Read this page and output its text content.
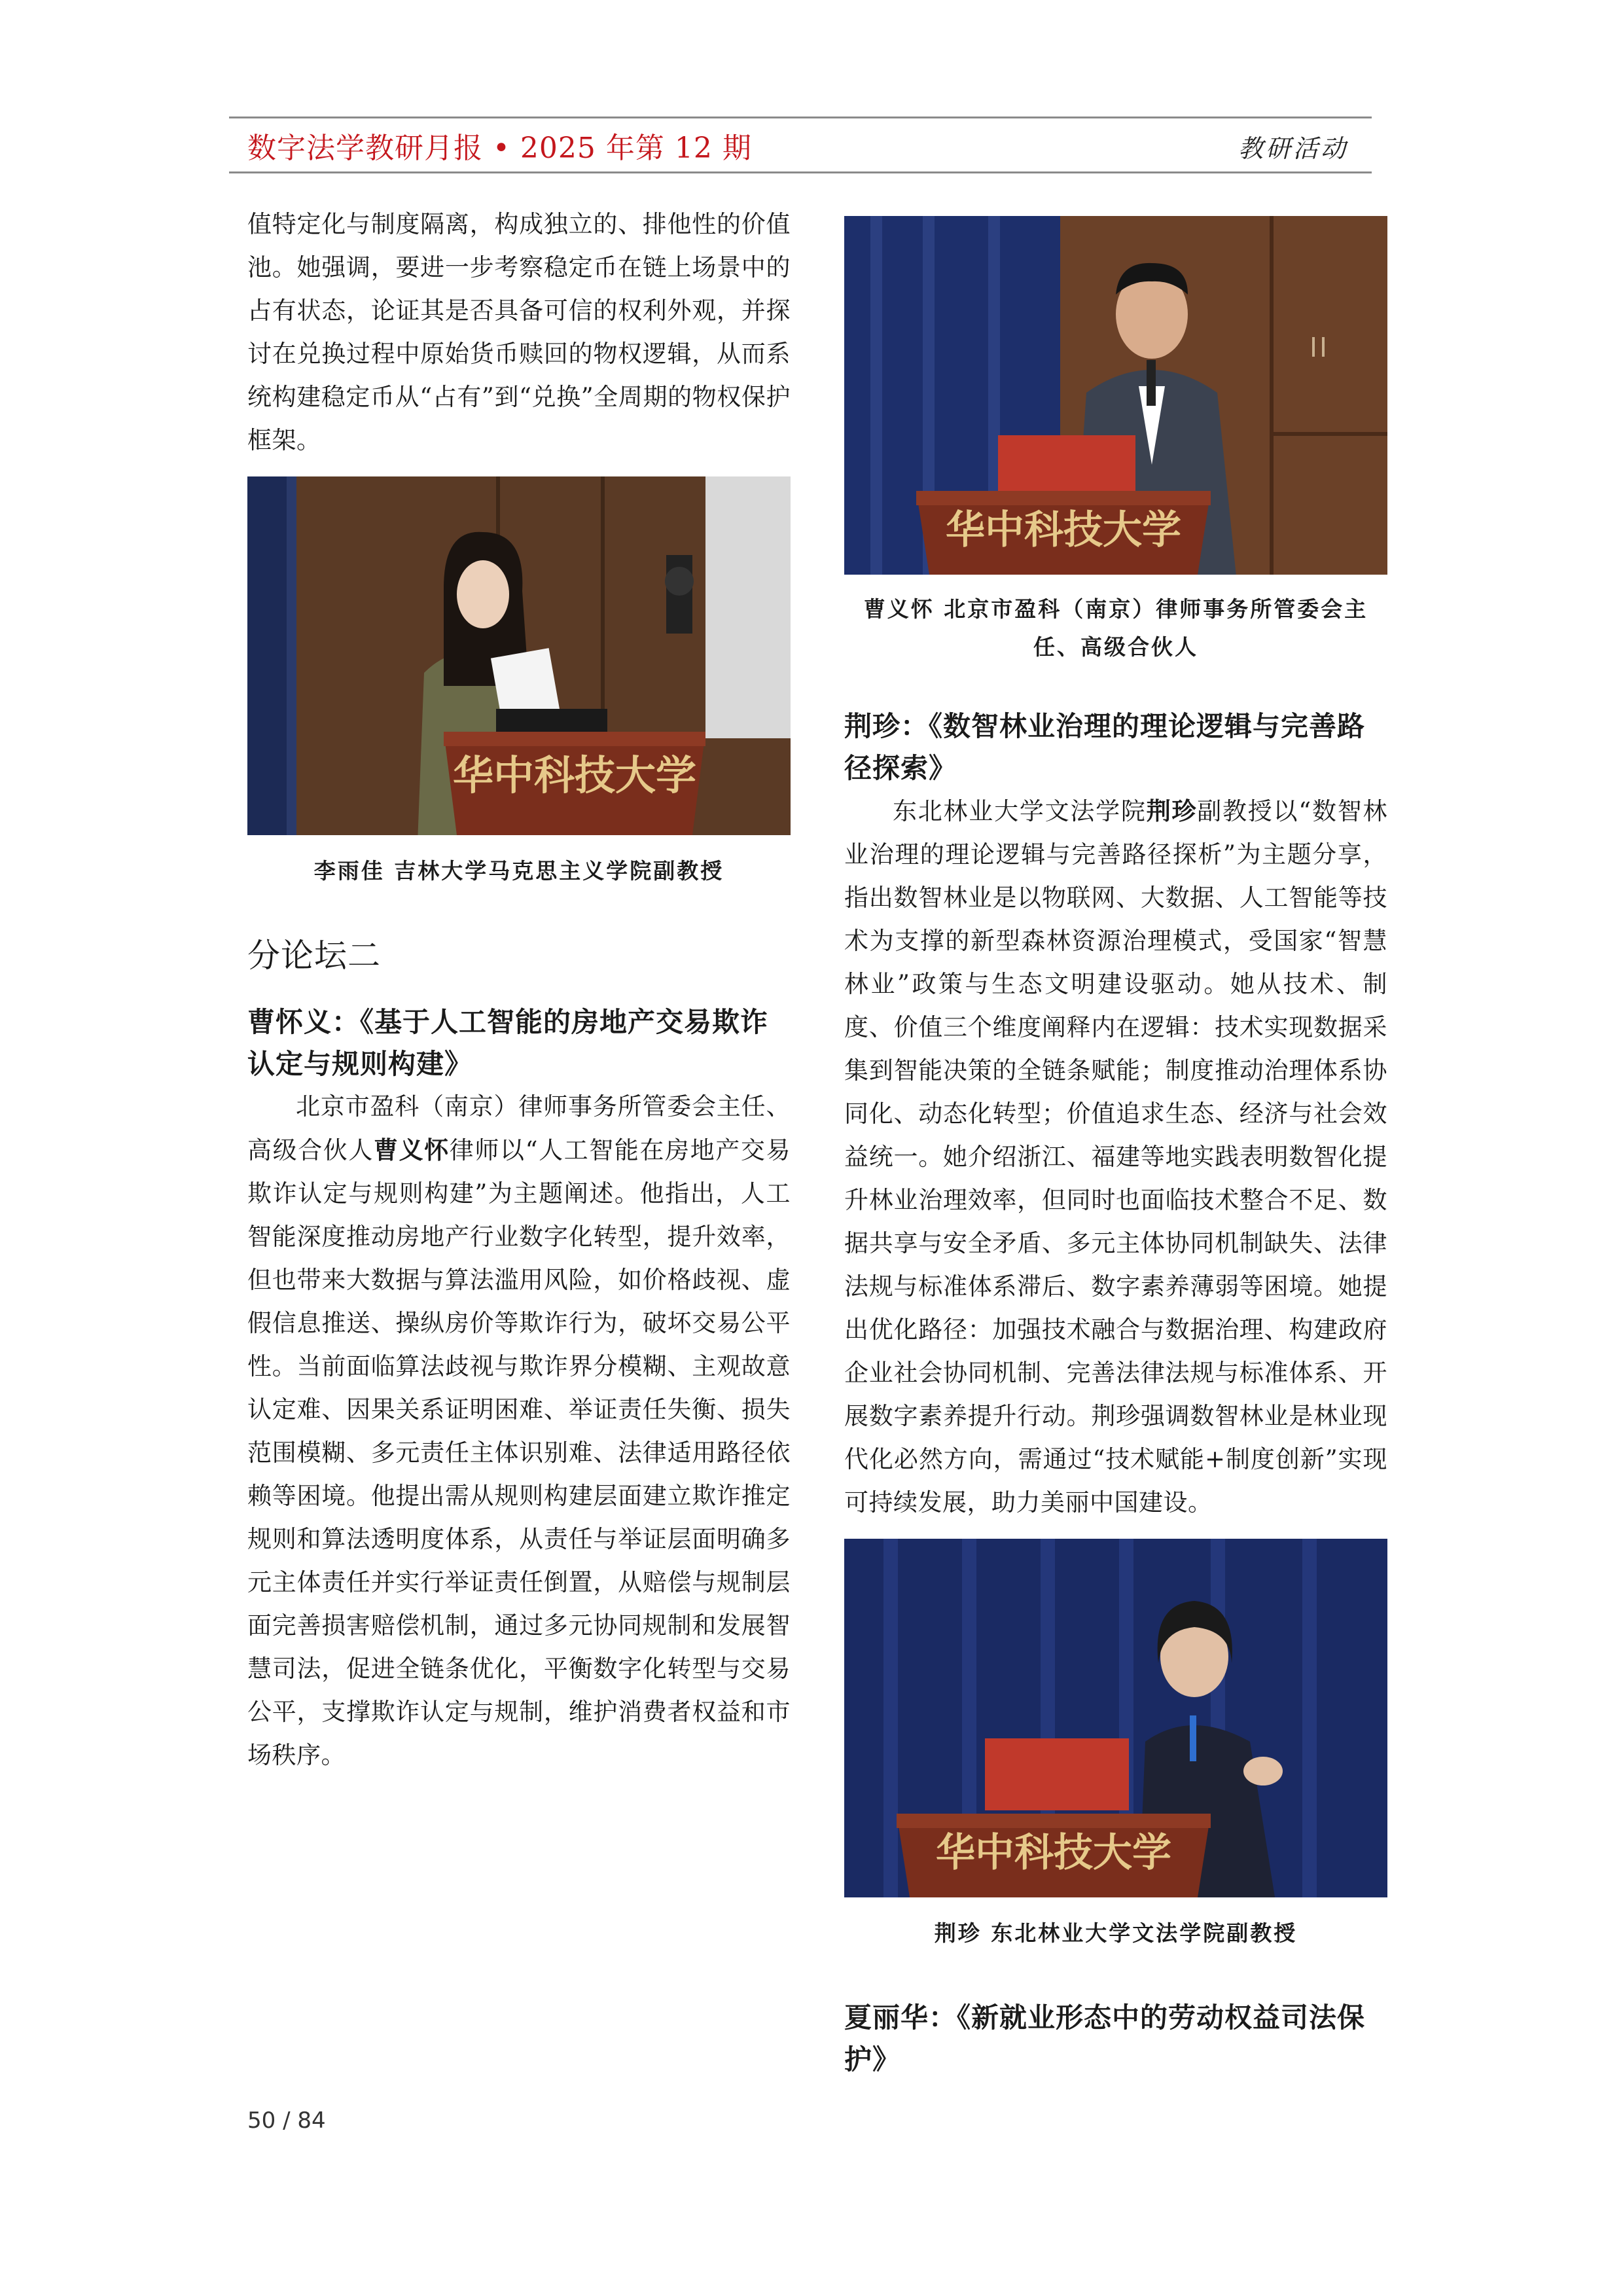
数字法学教研月报 • 2025 年第 12 期	教研活动

值特定化与制度隔离，构成独立的、排他性的价值池。她强调，要进一步考察稳定币在链上场景中的占有状态，论证其是否具备可信的权利外观，并探讨在兑换过程中原始货币赎回的物权逻辑，从而系统构建稳定币从“占有”到“兑换”全周期的物权保护框架。

华中科技大学

李雨佳 吉林大学马克思主义学院副教授

分论坛二

曹怀义：《基于人工智能的房地产交易欺诈认定与规则构建》

北京市盈科（南京）律师事务所管委会主任、高级合伙人曹义怀律师以“人工智能在房地产交易欺诈认定与规则构建”为主题阐述。他指出，人工智能深度推动房地产行业数字化转型，提升效率，但也带来大数据与算法滥用风险，如价格歧视、虚假信息推送、操纵房价等欺诈行为，破坏交易公平性。当前面临算法歧视与欺诈界分模糊、主观故意认定难、因果关系证明困难、举证责任失衡、损失范围模糊、多元责任主体识别难、法律适用路径依赖等困境。他提出需从规则构建层面建立欺诈推定规则和算法透明度体系，从责任与举证层面明确多元主体责任并实行举证责任倒置，从赔偿与规制层面完善损害赔偿机制，通过多元协同规制和发展智慧司法，促进全链条优化，平衡数字化转型与交易公平，支撑欺诈认定与规制，维护消费者权益和市场秩序。

华中科技大学

曹义怀 北京市盈科（南京）律师事务所管委会主任、高级合伙人

荆珍：《数智林业治理的理论逻辑与完善路径探索》

东北林业大学文法学院荆珍副教授以“数智林业治理的理论逻辑与完善路径探析”为主题分享，指出数智林业是以物联网、大数据、人工智能等技术为支撑的新型森林资源治理模式，受国家“智慧林业”政策与生态文明建设驱动。她从技术、制度、价值三个维度阐释内在逻辑：技术实现数据采集到智能决策的全链条赋能；制度推动治理体系协同化、动态化转型；价值追求生态、经济与社会效益统一。她介绍浙江、福建等地实践表明数智化提升林业治理效率，但同时也面临技术整合不足、数据共享与安全矛盾、多元主体协同机制缺失、法律法规与标准体系滞后、数字素养薄弱等困境。她提出优化路径：加强技术融合与数据治理、构建政府企业社会协同机制、完善法律法规与标准体系、开展数字素养提升行动。荆珍强调数智林业是林业现代化必然方向，需通过“技术赋能+制度创新”实现可持续发展，助力美丽中国建设。

华中科技大学

荆珍 东北林业大学文法学院副教授

夏丽华：《新就业形态中的劳动权益司法保护》

50 / 84
